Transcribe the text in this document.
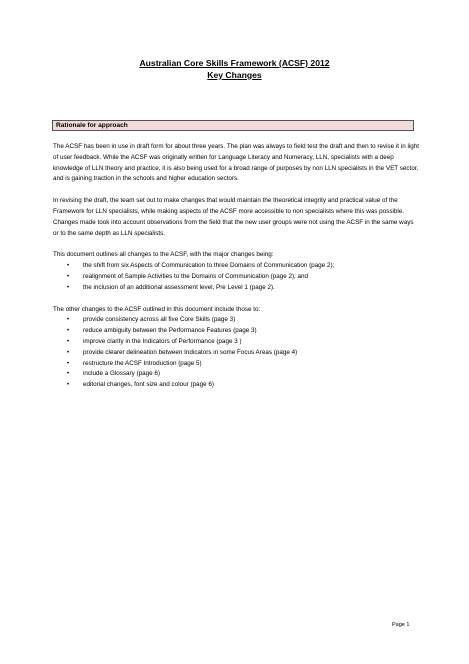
Australian Core Skills Framework (ACSF) 2012
Key Changes
Rationale for approach

The ACSF has been in use in draft form for about three years. The plan was always to field test the draft and then to revise it in light of user feedback. While the ACSF was originally written for Language Literacy and Numeracy, LLN, specialists with a deep knowledge of LLN theory and practice, it is also being used for a broad range of purposes by non LLN specialists in the VET sector, and is gaining traction in the schools and higher education sectors.

In revising the draft, the team set out to make changes that would maintain the theoretical integrity and practical value of the Framework for LLN specialists, while making aspects of the ACSF more accessible to non specialists where this was possible. Changes made took into account observations from the field that the new user groups were not using the ACSF in the same ways or to the same depth as LLN specialists.

This document outlines all changes to the ACSF, with the major changes being:

• the shift from six Aspects of Communication to three Domains of Communication (page 2);
• realignment of Sample Activities to the Domains of Communication (page 2); and
• the inclusion of an additional assessment level, Pre Level 1 (page 2).

The other changes to the ACSF outlined in this document include those to:

• provide consistency across all five Core Skills (page 3)
• reduce ambiguity between the Performance Features (page 3)
• improve clarity in the Indicators of Performance (page 3 )
• provide clearer delineation between Indicators in some Focus Areas (page 4)
• restructure the ACSF Introduction (page 5)
• include a Glossary (page 6)
• editorial changes, font size and colour (page 6)
Page 1
